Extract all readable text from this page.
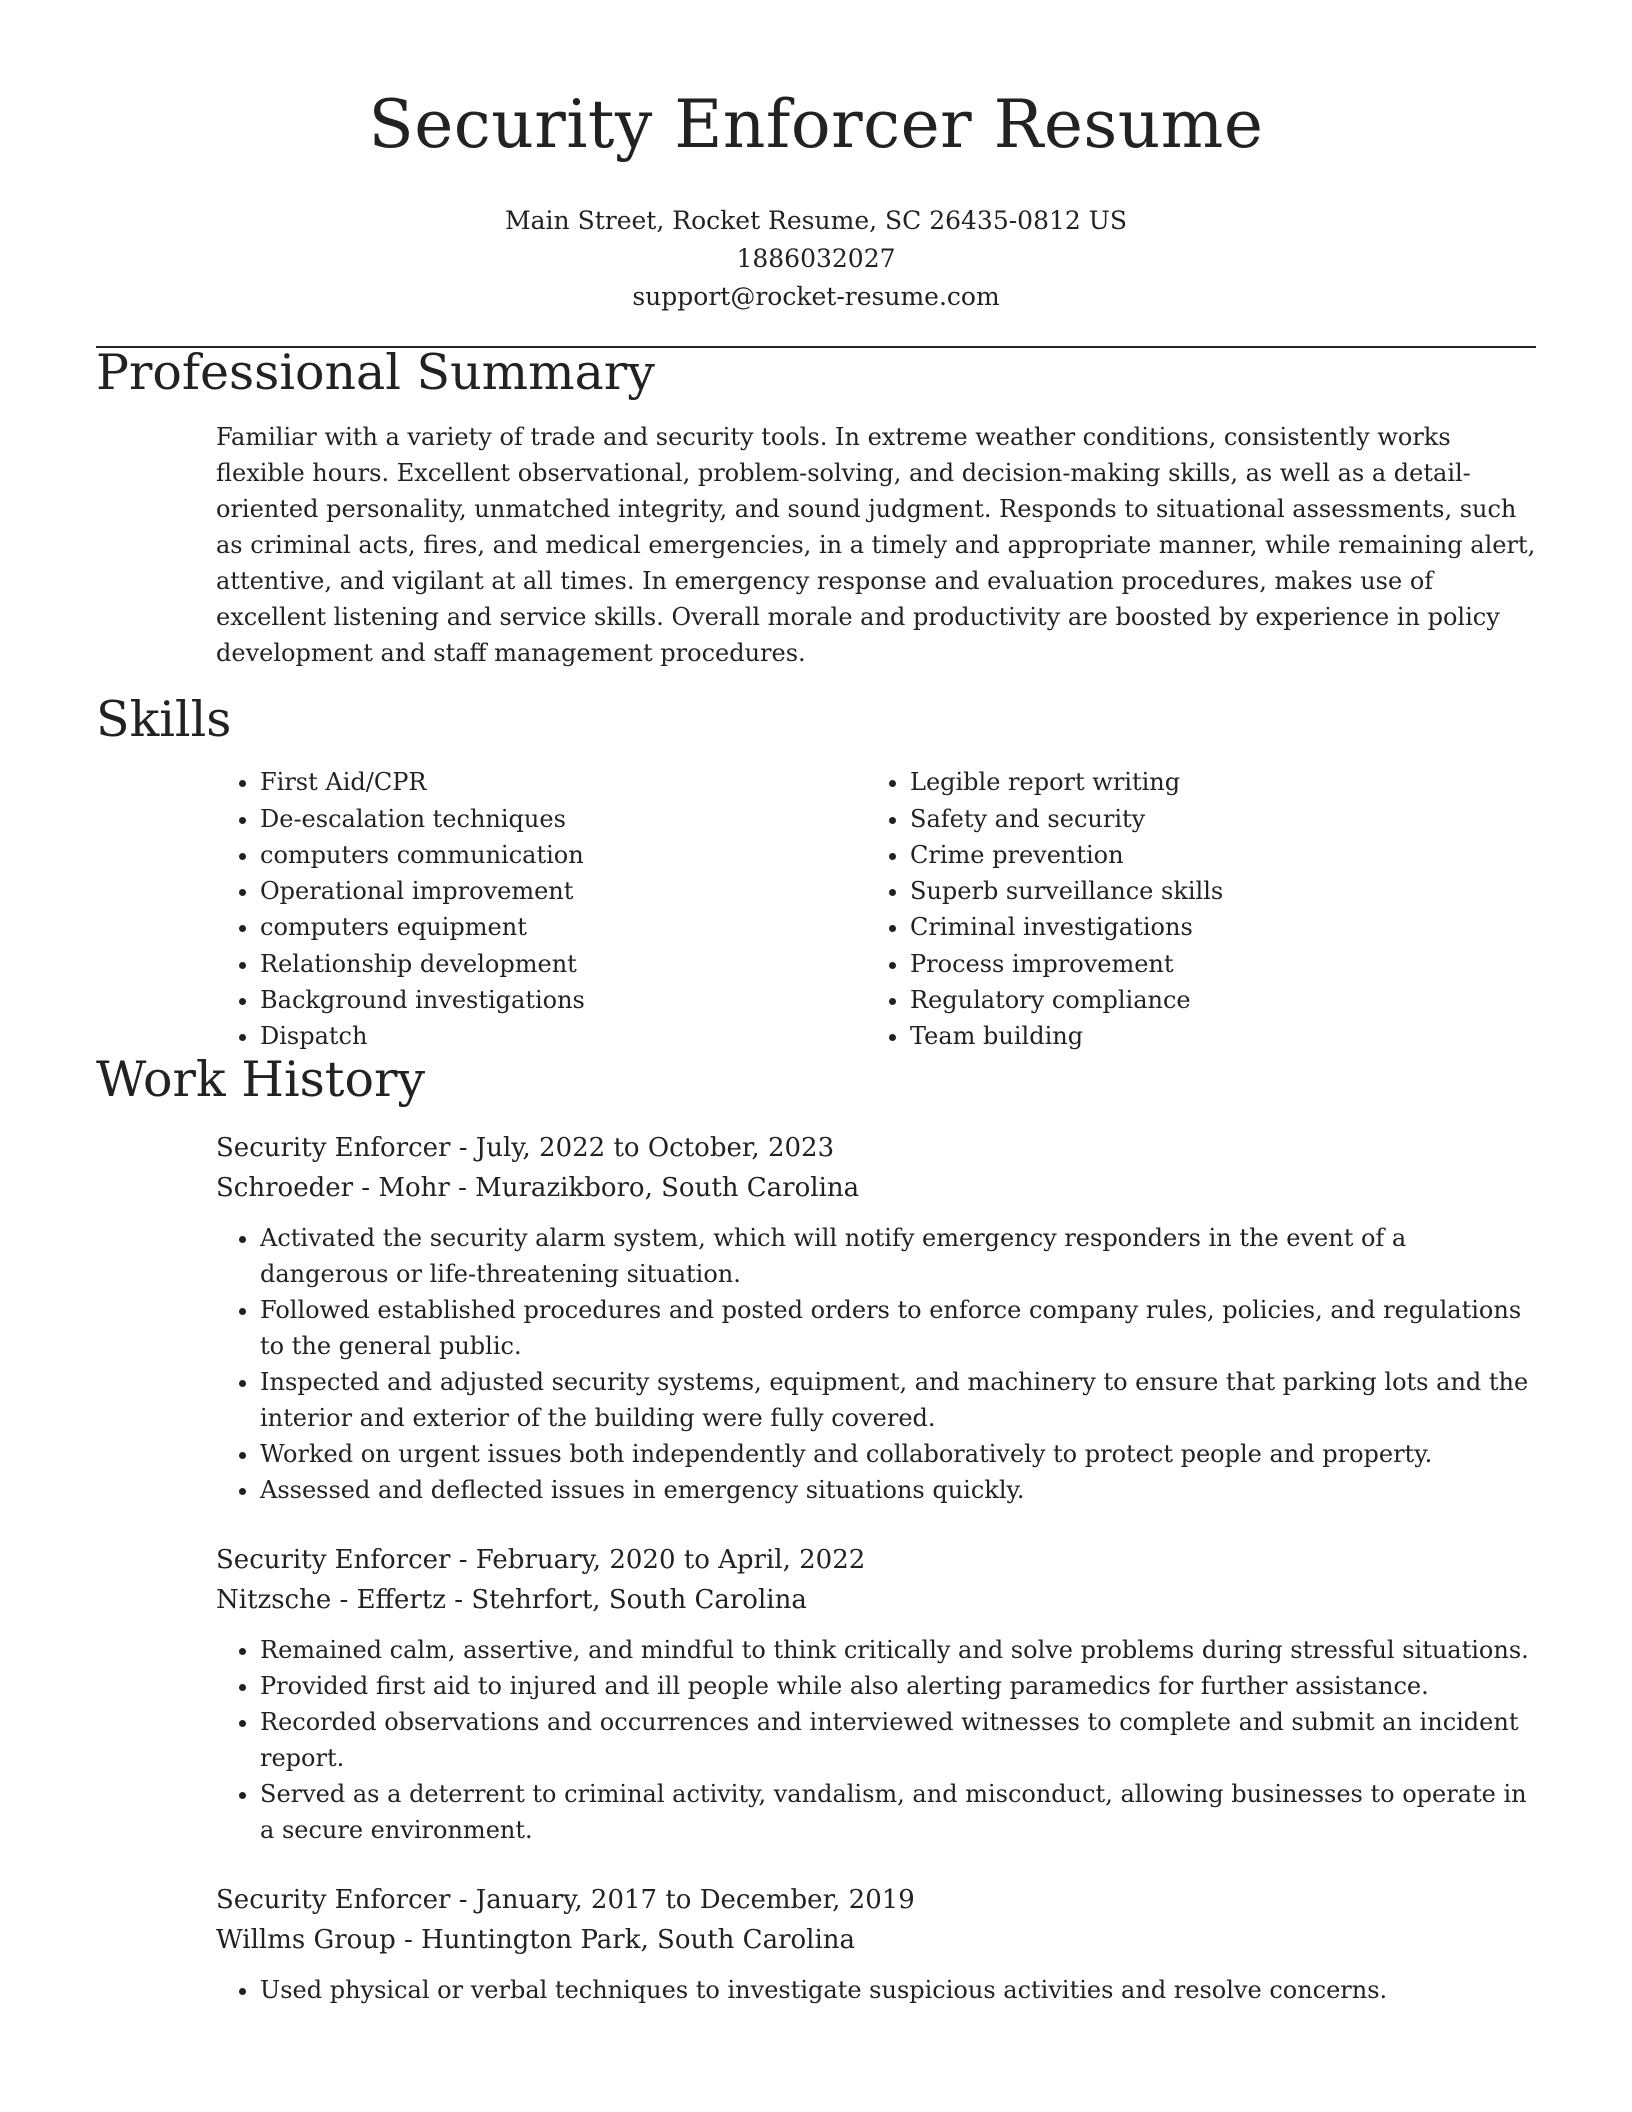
Security Enforcer Resume
Main Street, Rocket Resume, SC 26435-0812 US
1886032027
support@rocket-resume.com
Professional Summary

Familiar with a variety of trade and security tools. In extreme weather conditions, consistently works flexible hours. Excellent observational, problem-solving, and decision-making skills, as well as a detail-oriented personality, unmatched integrity, and sound judgment. Responds to situational assessments, such as criminal acts, fires, and medical emergencies, in a timely and appropriate manner, while remaining alert, attentive, and vigilant at all times. In emergency response and evaluation procedures, makes use of excellent listening and service skills. Overall morale and productivity are boosted by experience in policy development and staff management procedures.

Skills
• First Aid/CPR
• De-escalation techniques
• computers communication
• Operational improvement
• computers equipment
• Relationship development
• Background investigations
• Dispatch
• Legible report writing
• Safety and security
• Crime prevention
• Superb surveillance skills
• Criminal investigations
• Process improvement
• Regulatory compliance
• Team building
Work History
Security Enforcer - July, 2022 to October, 2023
Schroeder - Mohr - Murazikboro, South Carolina
• Activated the security alarm system, which will notify emergency responders in the event of a dangerous or life-threatening situation.
• Followed established procedures and posted orders to enforce company rules, policies, and regulations to the general public.
• Inspected and adjusted security systems, equipment, and machinery to ensure that parking lots and the interior and exterior of the building were fully covered.
• Worked on urgent issues both independently and collaboratively to protect people and property.
• Assessed and deflected issues in emergency situations quickly.
Security Enforcer - February, 2020 to April, 2022
Nitzsche - Effertz - Stehrfort, South Carolina
• Remained calm, assertive, and mindful to think critically and solve problems during stressful situations.
• Provided first aid to injured and ill people while also alerting paramedics for further assistance.
• Recorded observations and occurrences and interviewed witnesses to complete and submit an incident report.
• Served as a deterrent to criminal activity, vandalism, and misconduct, allowing businesses to operate in a secure environment.
Security Enforcer - January, 2017 to December, 2019
Willms Group - Huntington Park, South Carolina
• Used physical or verbal techniques to investigate suspicious activities and resolve concerns.
